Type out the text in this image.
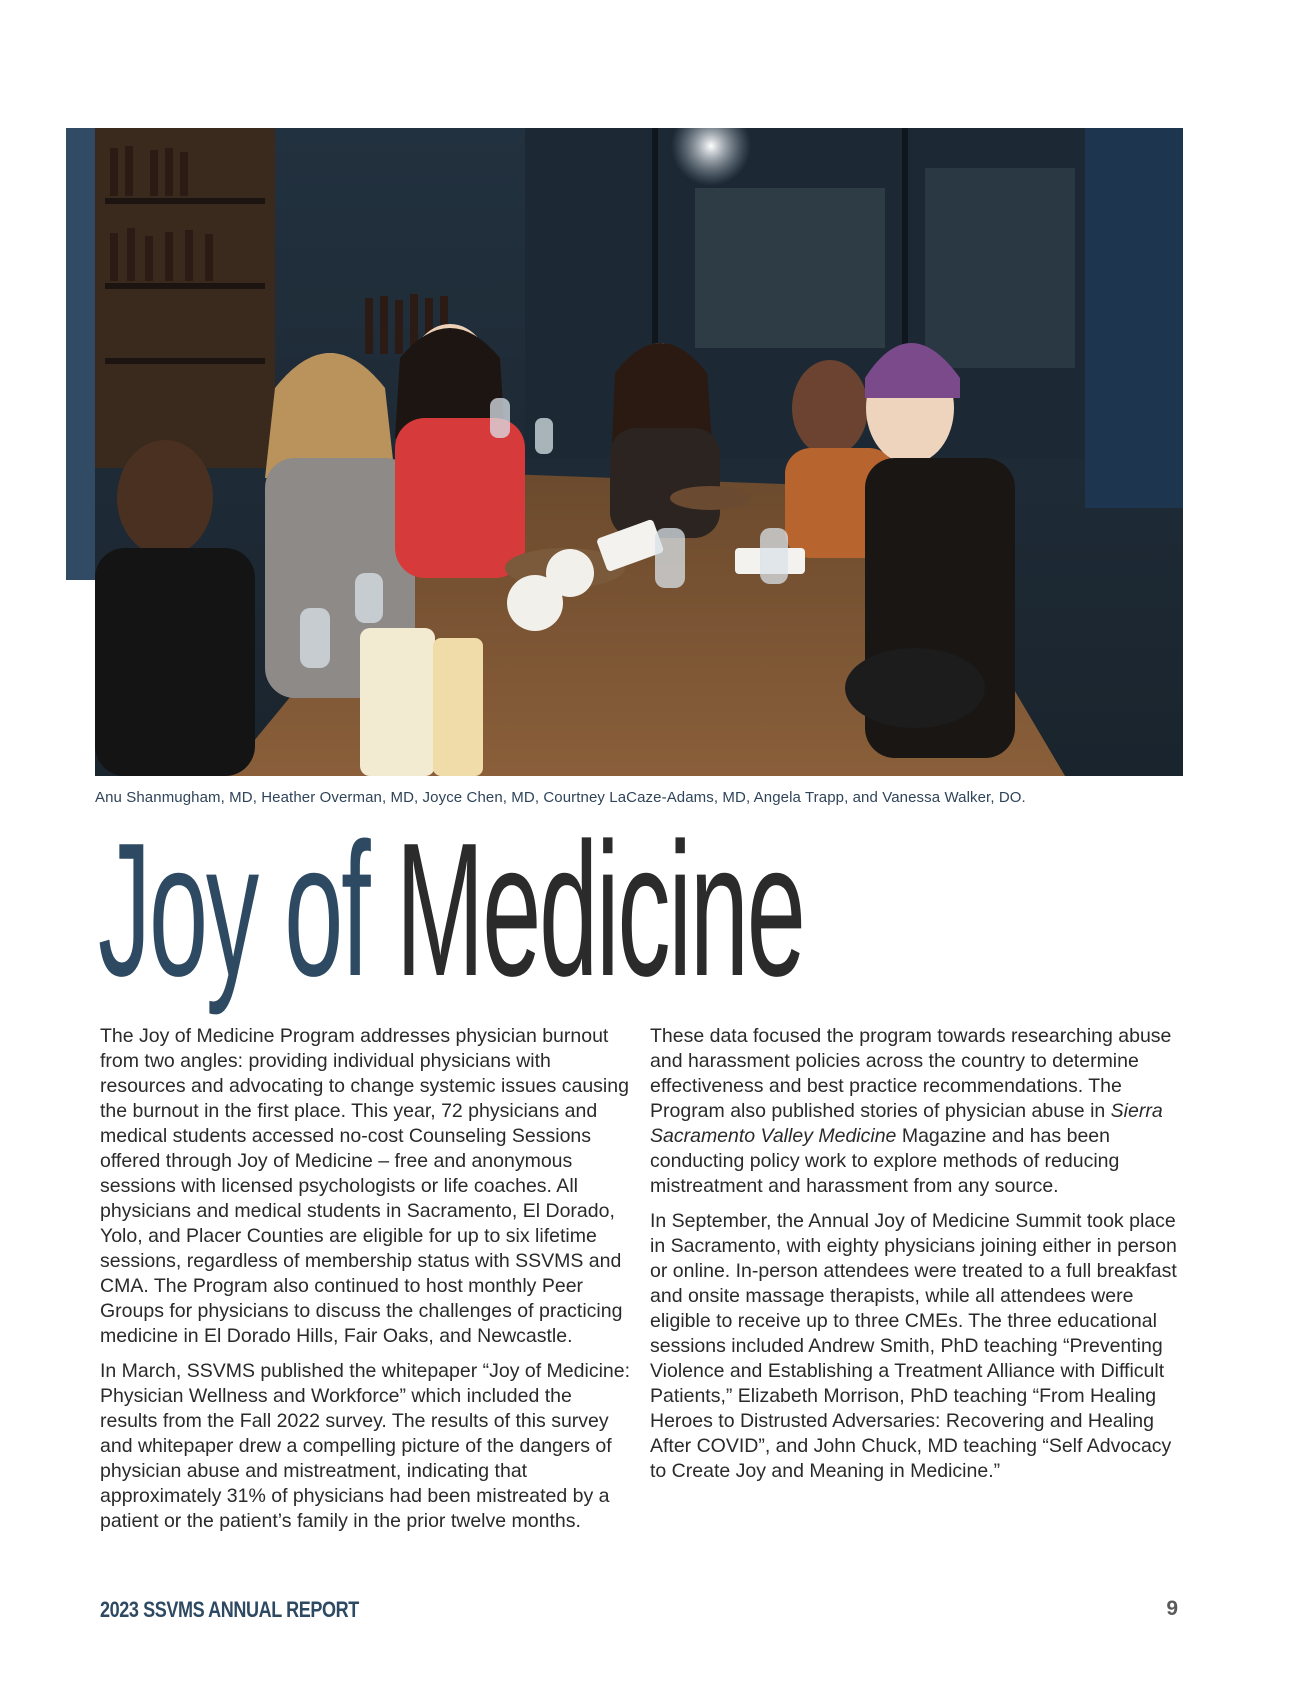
Anu Shanmugham, MD, Heather Overman, MD, Joyce Chen, MD, Courtney LaCaze-Adams, MD, Angela Trapp, and Vanessa Walker, DO.
Joy of Medicine

The Joy of Medicine Program addresses physician burnout from two angles: providing individual physicians with resources and advocating to change systemic issues causing the burnout in the first place. This year, 72 physicians and medical students accessed no-cost Counseling Sessions offered through Joy of Medicine – free and anonymous sessions with licensed psychologists or life coaches. All physicians and medical students in Sacramento, El Dorado, Yolo, and Placer Counties are eligible for up to six lifetime sessions, regardless of membership status with SSVMS and CMA. The Program also continued to host monthly Peer Groups for physicians to discuss the challenges of practicing medicine in El Dorado Hills, Fair Oaks, and Newcastle.

In March, SSVMS published the whitepaper “Joy of Medicine: Physician Wellness and Workforce” which included the results from the Fall 2022 survey. The results of this survey and whitepaper drew a compelling picture of the dangers of physician abuse and mistreatment, indicating that approximately 31% of physicians had been mistreated by a patient or the patient’s family in the prior twelve months.

These data focused the program towards researching abuse and harassment policies across the country to determine effectiveness and best practice recommendations. The Program also published stories of physician abuse in Sierra Sacramento Valley Medicine Magazine and has been conducting policy work to explore methods of reducing mistreatment and harassment from any source.

In September, the Annual Joy of Medicine Summit took place in Sacramento, with eighty physicians joining either in person or online. In-person attendees were treated to a full breakfast and onsite massage therapists, while all attendees were eligible to receive up to three CMEs. The three educational sessions included Andrew Smith, PhD teaching “Preventing Violence and Establishing a Treatment Alliance with Difficult Patients,” Elizabeth Morrison, PhD teaching “From Healing Heroes to Distrusted Adversaries: Recovering and Healing After COVID”, and John Chuck, MD teaching “Self Advocacy to Create Joy and Meaning in Medicine.”

2023 SSVMS ANNUAL REPORT	9
